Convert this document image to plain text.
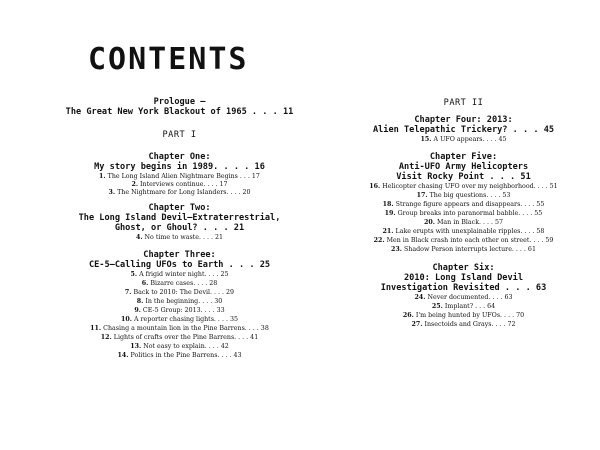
CONTENTS
Prologue —
The Great New York Blackout of 1965 . . . 11
PART I
Chapter One:
My story begins in 1989. . . . 16
1. The Long Island Alien Nightmare Begins . . . 17
2. Interviews continue. . . . 17
3. The Nightmare for Long Islanders. . . . 20
Chapter Two:
The Long Island Devil—Extraterrestrial,
Ghost, or Ghoul? . . . 21
4. No time to waste. . . . 21
Chapter Three:
CE-5—Calling UFOs to Earth . . . 25
5. A frigid winter night. . . . 25
6. Bizarre cases. . . . 28
7. Back to 2010: The Devil. . . . 29
8. In the beginning. . . . 30
9. CE-5 Group: 2013. . . . 33
10. A reporter chasing lights. . . . 35
11. Chasing a mountain lion in the Pine Barrens. . . . 38
12. Lights of crafts over the Pine Barrens. . . . 41
13. Not easy to explain. . . . 42
14. Politics in the Pine Barrens. . . . 43
PART II
Chapter Four: 2013:
Alien Telepathic Trickery? . . . 45
15. A UFO appears. . . . 45
Chapter Five:
Anti-UFO Army Helicopters
Visit Rocky Point . . . 51
16. Helicopter chasing UFO over my neighborhood. . . . 51
17. The big questions. . . . 53
18. Strange figure appears and disappears. . . . 55
19. Group breaks into paranormal babble. . . . 55
20. Man in Black. . . . 57
21. Lake erupts with unexplainable ripples. . . . 58
22. Men in Black crash into each other on street. . . . 59
23. Shadow Person interrupts lecture. . . . 61
Chapter Six:
2010: Long Island Devil
Investigation Revisited . . . 63
24. Never documented. . . . 63
25. Implant? . . . 64
26. I'm being hunted by UFOs. . . . 70
27. Insectoids and Grays. . . . 72
